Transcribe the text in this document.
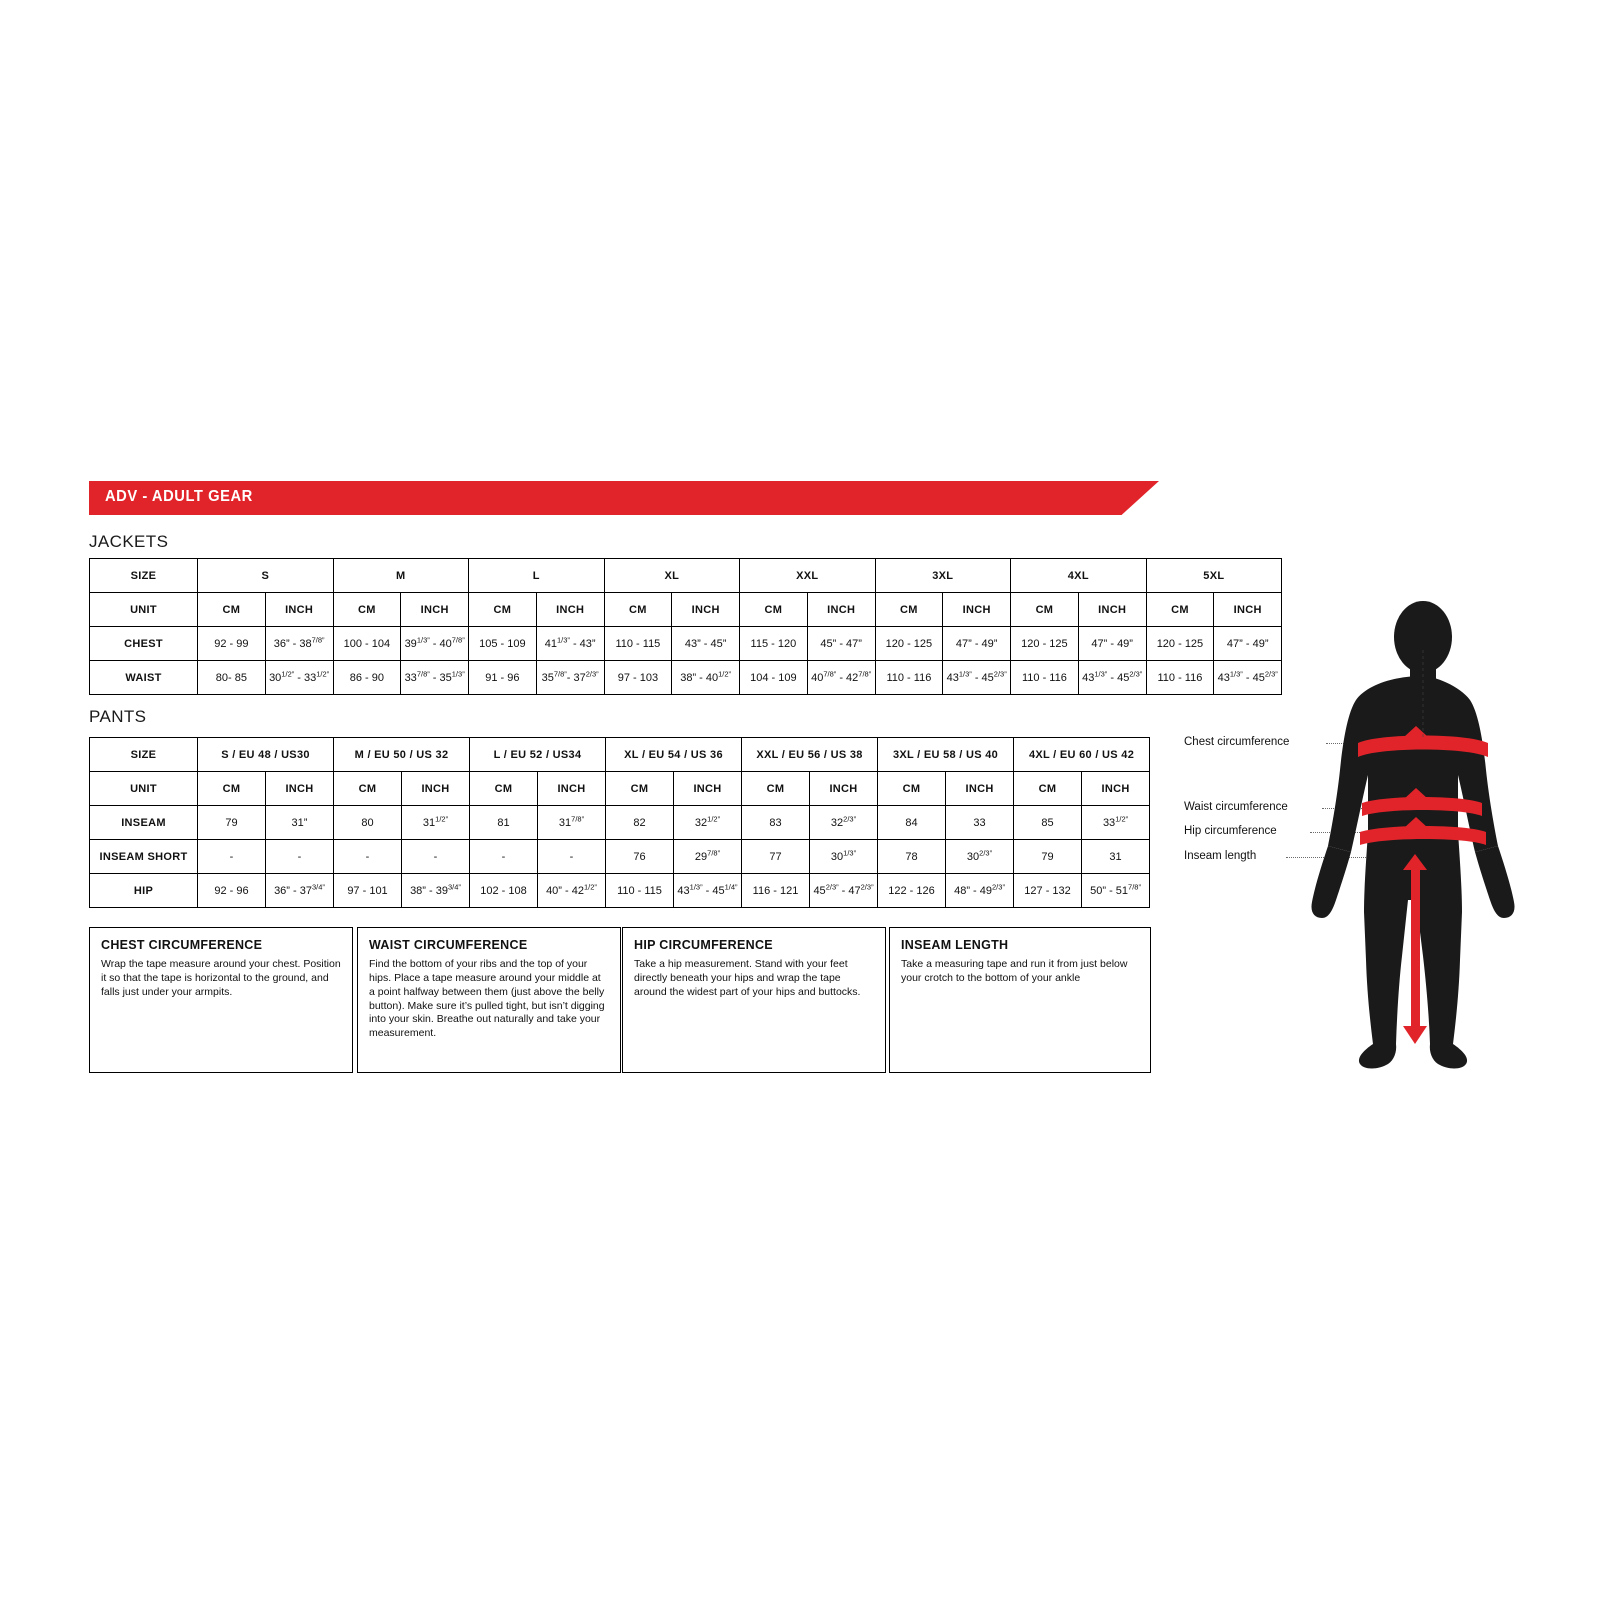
ADV - ADULT GEAR
JACKETS
PANTS
SIZE	S		M		L		XL		XXL		3XL		4XL		5XL	
UNIT	CM	INCH	CM	INCH	CM	INCH	CM	INCH	CM	INCH	CM	INCH	CM	INCH	CM	INCH
CHEST	92 - 99	36” - $38^{7/8”}$	100 - 104	$39^{1/3”} - 40^{7/8”}$	105 - 109	$41^{1/3”} - 43$”	110 - 115	43” - 45”	115 - 120	45” - 47”	120 - 125	47” - 49”	120 - 125	47” - 49”	120 - 125	47” - 49”
WAIST	80- 85	$30^{1/2”} - 33^{1/2”}$	86 - 90	$33^{7/8”} - 35^{1/3”}$	91 - 96	$35^{7/8”}-$ $37^{2/3”}$	97 - 103	38” - $40^{1/2”}$	104 - 109	$40^{7/8”} - 42^{7/8”}$	110 - 116	$43^{1/3”} - 45^{2/3”}$	110 - 116	$43^{1/3”} - 45^{2/3”}$	110 - 116	$43^{1/3”} - 45^{2/3”}$
SIZE	S / EU 48 / US30		M / EU 50 / US 32		L / EU 52 / US34		XL / EU 54 / US 36		XXL / EU 56 / US 38		3XL / EU 58 / US 40		4XL / EU 60 / US 42	
UNIT	CM	INCH	CM	INCH	CM	INCH	CM	INCH	CM	INCH	CM	INCH	CM	INCH
INSEAM	79	31”	80	$31^{1/2”}$	81	$31^{7/8”}$	82	$32^{1/2”}$	83	$32^{2/3”}$	84	33	85	$33^{1/2”}$
INSEAM SHORT	-	-	-	-	-	-	76	$29^{7/8”}$	77	$30^{1/3”}$	78	$30^{2/3”}$	79	31
HIP	92 - 96	36” - $37^{3/4”}$	97 - 101	38” - $39^{3/4”}$	102 - 108	40” - $42^{1/2”}$	110 - 115	$43^{1/3”} - 45^{1/4”}$	116 - 121	$45^{2/3”} - 47^{2/3”}$	122 - 126	48” - $49^{2/3”}$	127 - 132	50” - $51^{7/8”}$
CHEST CIRCUMFERENCE

Wrap the tape measure around your chest. Position it so that the tape is horizontal to the ground, and falls just under your armpits.

WAIST CIRCUMFERENCE

Find the bottom of your ribs and the top of your hips. Place a tape measure around your middle at a point halfway between them (just above the belly button). Make sure it’s pulled tight, but isn’t digging into your skin. Breathe out naturally and take your measurement.

HIP CIRCUMFERENCE

Take a hip measurement. Stand with your feet directly beneath your hips and wrap the tape around the widest part of your hips and buttocks.

INSEAM LENGTH

Take a measuring tape and run it from just below your crotch to the bottom of your ankle

Chest circumference
Waist circumference
Hip circumference
Inseam length
